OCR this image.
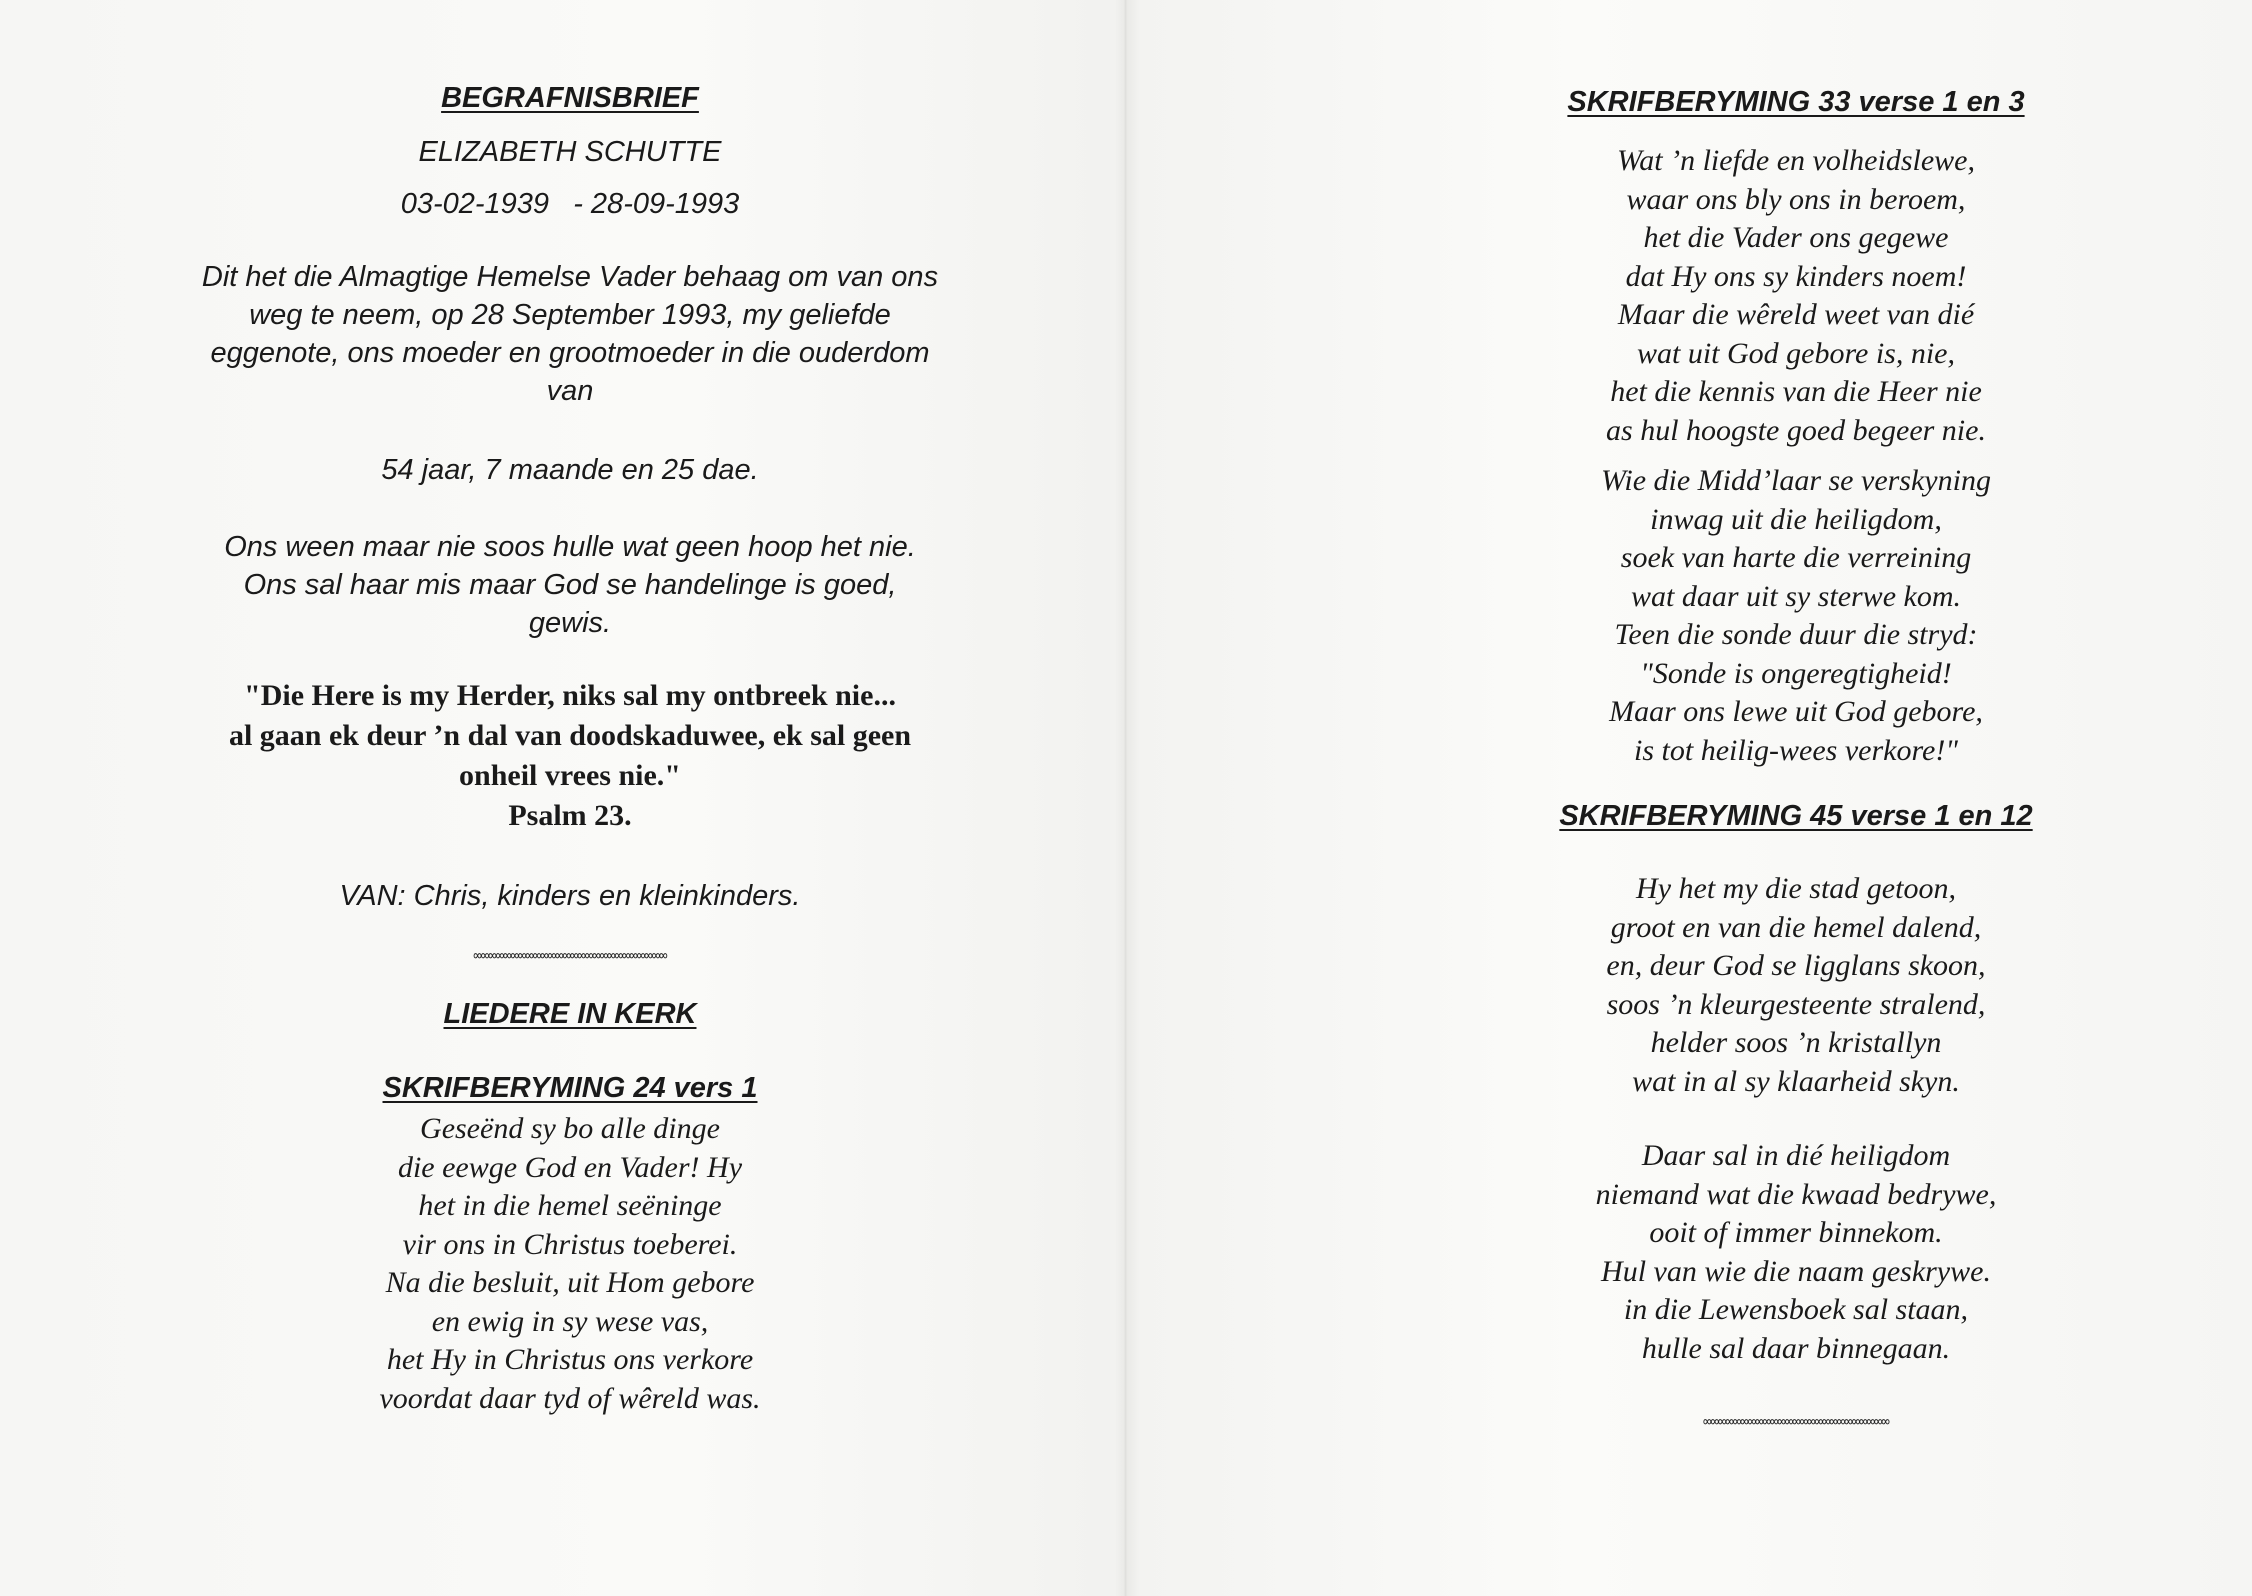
BEGRAFNISBRIEF

ELIZABETH SCHUTTE

03-02-1939   - 28-09-1993

Dit het die Almagtige Hemelse Vader behaag om van ons
weg te neem, op 28 September 1993, my geliefde
eggenote, ons moeder en grootmoeder in die ouderdom
van

54 jaar, 7 maande en 25 dae.

Ons ween maar nie soos hulle wat geen hoop het nie.
Ons sal haar mis maar God se handelinge is goed,
gewis.
"Die Here is my Herder, niks sal my ontbreek nie...
al gaan ek deur ’n dal van doodskaduwee, ek sal geen
onheil vrees nie."
Psalm 23.

VAN: Chris, kinders en kleinkinders.

∞∞∞∞∞∞∞∞∞∞∞∞∞∞∞∞∞∞∞∞∞∞∞∞∞∞
LIEDERE IN KERK
SKRIFBERYMING 24 vers 1
Geseënd sy bo alle dinge
die eewge God en Vader! Hy
het in die hemel seëninge
vir ons in Christus toeberei.
Na die besluit, uit Hom gebore
en ewig in sy wese vas,
het Hy in Christus ons verkore
voordat daar tyd of wêreld was.
SKRIFBERYMING 33 verse 1 en 3
Wat ’n liefde en volheidslewe,
waar ons bly ons in beroem,
het die Vader ons gegewe
dat Hy ons sy kinders noem!
Maar die wêreld weet van dié
wat uit God gebore is, nie,
het die kennis van die Heer nie
as hul hoogste goed begeer nie.
Wie die Midd’laar se verskyning
inwag uit die heiligdom,
soek van harte die verreining
wat daar uit sy sterwe kom.
Teen die sonde duur die stryd:
"Sonde is ongeregtigheid!
Maar ons lewe uit God gebore,
is tot heilig-wees verkore!"
SKRIFBERYMING 45 verse 1 en 12
Hy het my die stad getoon,
groot en van die hemel dalend,
en, deur God se ligglans skoon,
soos ’n kleurgesteente stralend,
helder soos ’n kristallyn
wat in al sy klaarheid skyn.
Daar sal in dié heiligdom
niemand wat die kwaad bedrywe,
ooit of immer binnekom.
Hul van wie die naam geskrywe.
in die Lewensboek sal staan,
hulle sal daar binnegaan.
∞∞∞∞∞∞∞∞∞∞∞∞∞∞∞∞∞∞∞∞∞∞∞∞∞
